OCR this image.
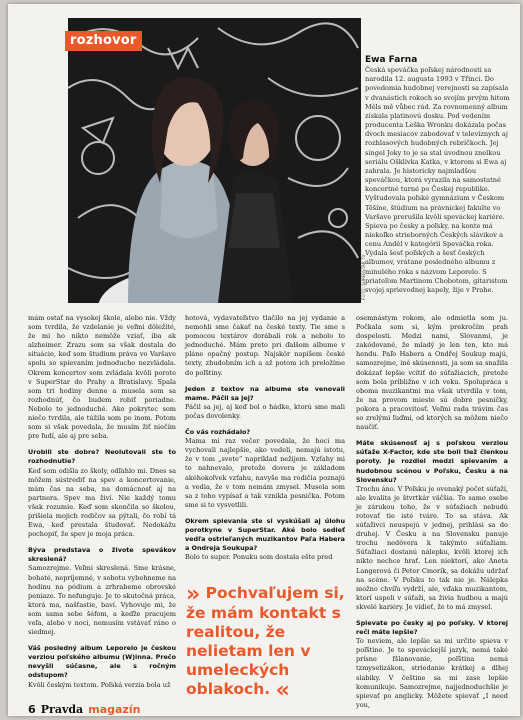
rozhovor
Ewa Farna
Česká speváčka poľskej národnosti sa narodila 12. augusta 1993 v Třinci. Do povedomia hudobnej verejnosti sa zapísala v dvanástich rokoch so svojím prvým hitom Měls mě vůbec rád. Za rovnomenný album získala platinovú dosku. Pod vedením producenta Leška Wronku dokázala počas dvoch mesiacov zabodovať v televíznych aj rozhlasových hudobných rebríčkoch. Jej singel Joky to je sa stal úvodnou znelkou seriálu Ošklivka Katka, v ktorom si Ewa aj zahrala. Je historicky najmladšou speváčkou, ktorá vyrazila na samostatné koncertné turné po Českej republike. Vyštudovala poľské gymnázium v Českom Těšíne, štúdium na právnickej fakulte vo Varšave prerušila kvôli speváckej kariére. Spieva po česky a poľsky, na konte má niekoľko strieborných Českých slávikov a cenu Anděl v kategórii Speváčka roka. Vydala šesť poľských a šesť českých albumov, vrátane posledného albumu z minulého roka s názvom Leporelo. S priateľom Martinom Chobotom, gitaristom svojej sprievodnej kapely, žije v Prahe.
FOTO: SUPERSTAR TV

mám ostať na vysokej škole, alebo nie. Vždy som tvrdila, že vzdelanie je veľmi dôležité, že mi ho nikto nemôže vziať, iba ak alzheimer. Zrazu som sa však dostala do situácie, keď som študium práva vo Varšave spolu so spievaním jednoducho nezvládala. Okrem koncertov som zvládala kvôli porote v SuperStar do Prahy a Bratislavy. Spala som tri hodiny denne a musela som sa rozhodnúť, čo budem robiť poriadne. Nebolo to jednoduché. Ako pokrytec som niečo tvrdila, ale túžila som po inom. Potom som si však povedala, že musím žiť niečím pre ľudí, ale aj pre seba.

Urobili ste dobre? Neolutovali ste to rozhodnutie?

Keď som odišla zo školy, odľahlo mi. Dnes sa môžem sústrediť na spev a koncertovanie, mám čas na seba, na domácnosť aj na partnera. Spev ma živí. Nie každý tomu však rozumie. Keď som skončila so školou, prišiela mojich rodičov sa pýtali, čo robí tá Ewa, keď prestala študovať. Nedokážu pochopiť, že spev je moja práca.

Býva predstava o živote spevákov skreslená?

Samozrejme. Veľmi skreslená. Sme krásne, bohaté, nepríjemné, v sobotu vybehneme na hodinu na pódium a zrhrabeme obrovské peniaze. To nefunguje. Je to skutočná práca, ktorá ma, našťastie, baví. Vyhovuje mi, že som sama sebe šéfom, a keďže pracujem veľa, alebo v noci, nemusím vstávať ráno o siedmej.

Váš posledný album Leporelo je českou verziou poľského albumu (W)inna. Prečo nevyšli súčasne, ale s ročným odstupom?

Kvôli českým textom. Poľská verzia bola už

hotová, vydavateľstvo tlačilo na jej vydanie a nemohli sme čakať na české texty. Tie sme s pomocou textárov dorábali rok a nebolo to jednoduché. Mám preto pri ďalšom albume v pláne opačný postup. Najskôr napíšem české texty, zhudobním ich a až potom ich preložíme do poľštiny.

Jeden z textov na albume ste venovali mame. Páčil sa jej?

Páčil sa jej, aj keď bol o hádke, ktorú sme mali počas dovolenky.

Čo vás rozhádalo?

Mama mi raz večer povedala, že hoci ma vychovali najlepšie, ako vedeli, nemajú istotu, že v tom „svete“ napríklad nežijem. Vzťahy mi to nahnevalo, pretože dovera je základom akéhokoľvek vzťahu, navyše ma rodičia poznajú a vedia, že v tom nemám zmysel. Musela som sa z toho vypísať a tak vznikla pesnička. Potom sme si to vysvetlili.

Okrem spievania ste si vyskúšali aj úlohu porotkyne v SuperStar. Aké bolo sedieť vedľa ostrieľaných muzikantov Paľa Habera a Ondreja Soukupa?

Bolo to super. Ponuku som dostala ešte pred

» Pochvaľujem si, že mám kontakt s realitou, že nelietam len v umeleckých oblakoch. «

osemnástym rokom, ale odmietla som ju. Počkala som si, kým prekročím prah dospelosti. Medzi nami, Slovanmi, je zakódované, že mladý je len ten, kto má hendu. Paľo Habera a Ondřej Soukup majú, samozrejme, iné skúsenosti, ja som sa snažila dokázať lepšie vcítiť do súťažiacich, pretože som bola príbližne v ich veku. Spolupráca s oboma muzikantmi ma však utvrdila v tom, že na provom mieste sú dobré pesničky, pokora a pracovitosť. Veľmi rada trávim čas so zrelými ľuďmi, od ktorých sa môžem niečo naučiť.

Máte skúsenosť aj s poľskou verziou súťaže X-Factor, kde ste boli tiež členkou poroty. Je rozdiel medzi spievaním a hudobnou scénou v Poľsku, Česku a na Slovensku?

Trochu áno. V Poľsku je ovenaký počet súťaží, ale kvalita je štvrtkár väčšia. To samo osebe je zárukou toho, že v súťažiach nebudú rotovať tie isté tváre. To sa stáva. Ak súťaživci neuspejú v jednej, prihlási sa do druhej. V Česku a na Slovensku panuje trochu nedôvera k takýmto súťažiam. Súťažiaci dostanú nálepku, kvôli ktorej ich nikto nechce hrať. Len niektorí, ako Aneta Langerová či Peter Cmorík, sa dokážu udržať na scéne. V Poľsku to tak nie je. Nálepka možno chvíľu vydrží, ale, vďaka muzikantom, ktorí uspeli v súťaži, sa živia hudbou a majú skvelé kariéry. Je vidieť, že to má zmysel.

Spievate po česky aj po poľsky. V ktorej reči máte lepšie?

To neviem, ale lepšie sa mi určite spieva v poľštine. Je to speváckejší jazyk, nemá také prísne fšlanovanie, poľština nemá tzmyselizákon, striedanie krátkej a dlhej slabiky. V češtine sa mi zase lepšie komunikuje. Samozrejme, najjednoduchšie je spievať po anglicky. Môžete spievať „I need you,

6 Pravda magazín
